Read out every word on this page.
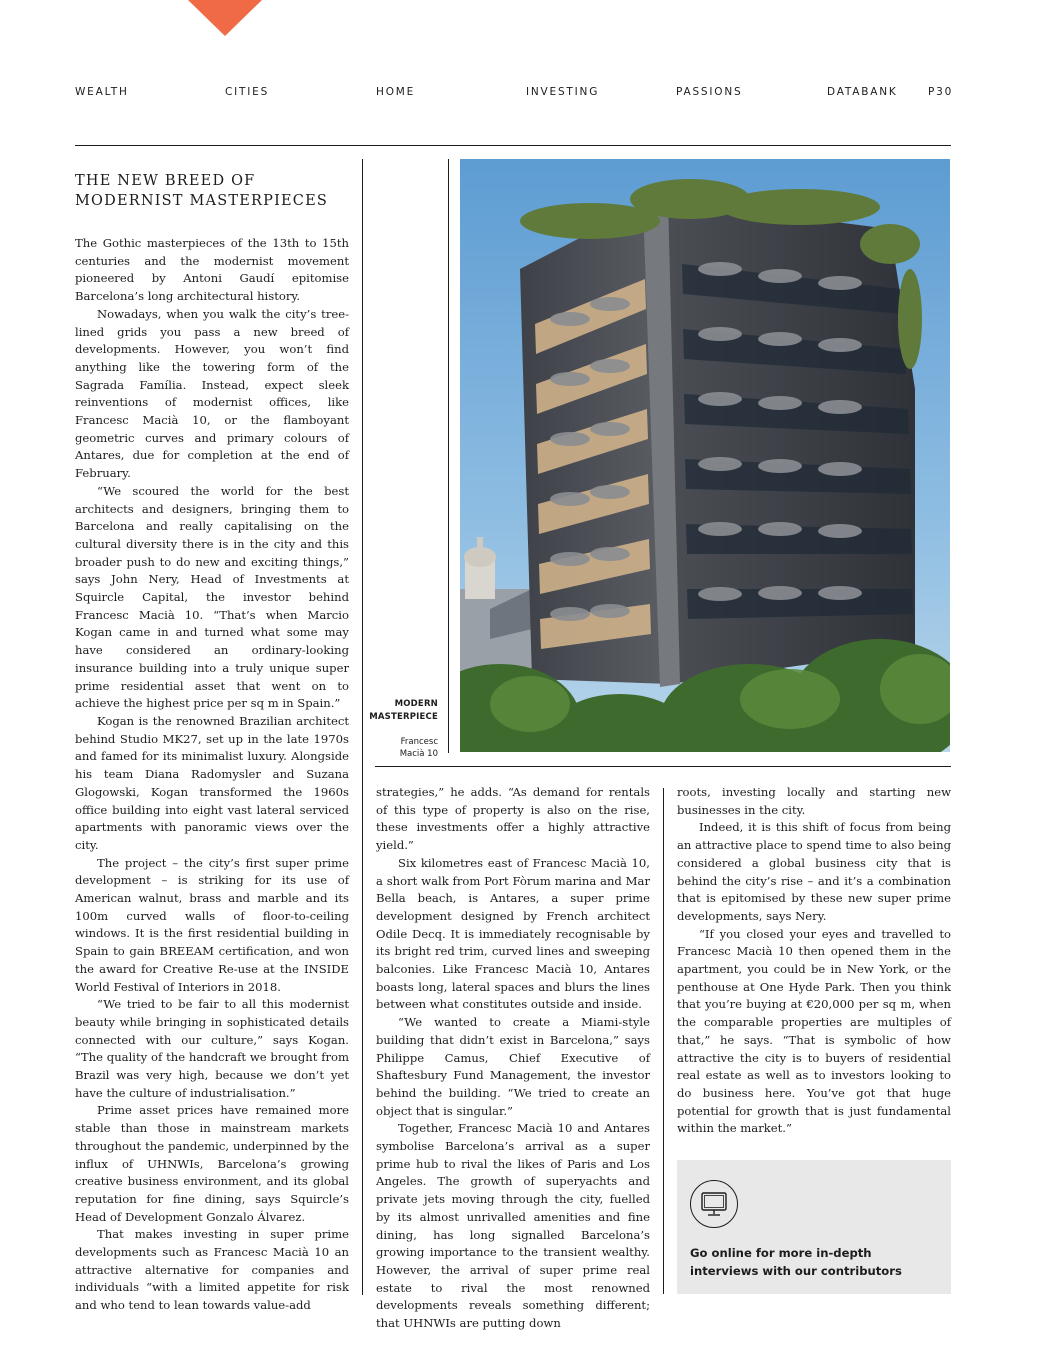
WEALTH	CITIES	HOME	INVESTING	PASSIONS	DATABANK	P30
THE NEW BREED OF
MODERNIST MASTERPIECES

The Gothic masterpieces of the 13th to 15th centuries and the modernist movement pioneered by Antoni Gaudí epitomise Barcelona’s long architectural history.

Nowadays, when you walk the city’s tree-lined grids you pass a new breed of developments. However, you won’t find anything like the towering form of the Sagrada Família. Instead, expect sleek reinventions of modernist offices, like Francesc Macià 10, or the flamboyant geometric curves and primary colours of Antares, due for completion at the end of February.

“We scoured the world for the best architects and designers, bringing them to Barcelona and really capitalising on the cultural diversity there is in the city and this broader push to do new and exciting things,” says John Nery, Head of Investments at Squircle Capital, the investor behind Francesc Macià 10. “That’s when Marcio Kogan came in and turned what some may have considered an ordinary-looking insurance building into a truly unique super prime residential asset that went on to achieve the highest price per sq m in Spain.”

Kogan is the renowned Brazilian architect behind Studio MK27, set up in the late 1970s and famed for its minimalist luxury. Alongside his team Diana Radomysler and Suzana Glogowski, Kogan transformed the 1960s office building into eight vast lateral serviced apartments with panoramic views over the city.

The project – the city’s first super prime development – is striking for its use of American walnut, brass and marble and its 100m curved walls of floor-to-ceiling windows. It is the first residential building in Spain to gain BREEAM certification, and won the award for Creative Re-use at the INSIDE World Festival of Interiors in 2018.

“We tried to be fair to all this modernist beauty while bringing in sophisticated details connected with our culture,” says Kogan. “The quality of the handcraft we brought from Brazil was very high, because we don’t yet have the culture of industrialisation.”

Prime asset prices have remained more stable than those in mainstream markets throughout the pandemic, underpinned by the influx of UHNWIs, Barcelona’s growing creative business environment, and its global reputation for fine dining, says Squircle’s Head of Development Gonzalo Álvarez.

That makes investing in super prime developments such as Francesc Macià 10 an attractive alternative for companies and individuals “with a limited appetite for risk and who tend to lean towards value-add

strategies,” he adds. “As demand for rentals of this type of property is also on the rise, these investments offer a highly attractive yield.”

Six kilometres east of Francesc Macià 10, a short walk from Port Fòrum marina and Mar Bella beach, is Antares, a super prime development designed by French architect Odile Decq. It is immediately recognisable by its bright red trim, curved lines and sweeping balconies. Like Francesc Macià 10, Antares boasts long, lateral spaces and blurs the lines between what constitutes outside and inside.

“We wanted to create a Miami-style building that didn’t exist in Barcelona,” says Philippe Camus, Chief Executive of Shaftesbury Fund Management, the investor behind the building. “We tried to create an object that is singular.”

Together, Francesc Macià 10 and Antares symbolise Barcelona’s arrival as a super prime hub to rival the likes of Paris and Los Angeles. The growth of superyachts and private jets moving through the city, fuelled by its almost unrivalled amenities and fine dining, has long signalled Barcelona’s growing importance to the transient wealthy. However, the arrival of super prime real estate to rival the most renowned developments reveals something different; that UHNWIs are putting down

roots, investing locally and starting new businesses in the city.

Indeed, it is this shift of focus from being an attractive place to spend time to also being considered a global business city that is behind the city’s rise – and it’s a combination that is epitomised by these new super prime developments, says Nery.

“If you closed your eyes and travelled to Francesc Macià 10 then opened them in the apartment, you could be in New York, or the penthouse at One Hyde Park. Then you think that you’re buying at €20,000 per sq m, when the comparable properties are multiples of that,” he says. “That is symbolic of how attractive the city is to buyers of residential real estate as well as to investors looking to do business here. You’ve got that huge potential for growth that is just fundamental within the market.”

MODERN
MASTERPIECE
Francesc
Macià 10
Go online for more in-depth
interviews with our contributors
